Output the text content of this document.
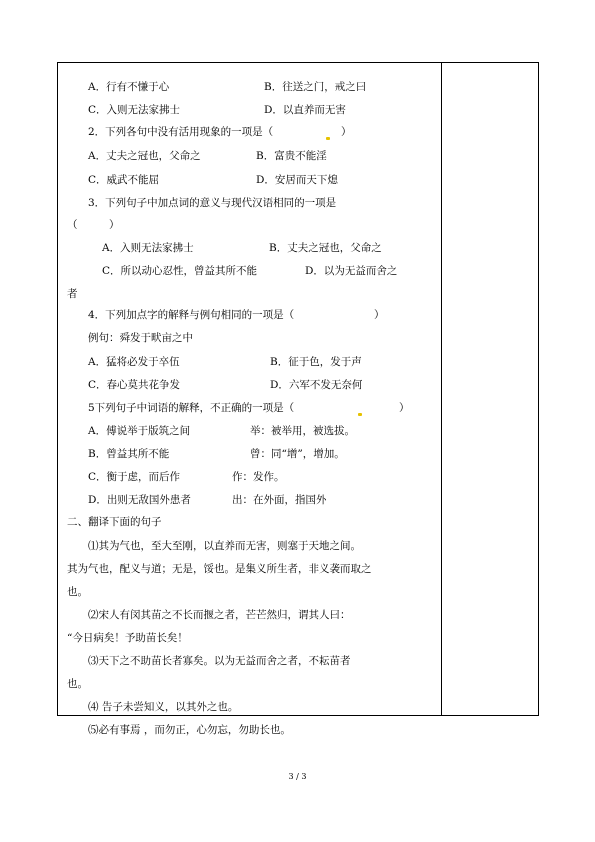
A．行有不慊于心	B．往送之门，戒之曰
C．入则无法家拂士	D．以直养而无害
2．下列各句中没有活用现象的一项是（	）
A．丈夫之冠也，父命之	B．富贵不能淫
C．威武不能屈	D．安居而天下熄
3．下列句子中加点词的意义与现代汉语相同的一项是
（　　　）
A．入则无法家拂士	B．丈夫之冠也，父命之
C．所以动心忍性，曾益其所不能	D．以为无益而舍之
者
4．下列加点字的解释与例句相同的一项是（	）
例句：舜发于畎亩之中
A．猛将必发于卒伍	B．征于色，发于声
C．春心莫共花争发	D．六军不发无奈何
5下列句子中词语的解释，不正确的一项是（	）
A．傅说举于版筑之间	举：被举用，被选拔。
B．曾益其所不能	曾：同“增”，增加。
C．衡于虑，而后作	作：发作。
D．出则无敌国外患者	出：在外面，指国外
二、翻译下面的句子
⑴其为气也，至大至刚，以直养而无害，则塞于天地之间。
其为气也，配义与道；无是，馁也。是集义所生者，非义袭而取之
也。
⑵宋人有闵其苗之不长而揠之者，芒芒然归，谓其人曰：
“今日病矣！予助苗长矣！
⑶天下之不助苗长者寡矣。以为无益而舍之者，不耘苗者
也。
⑷ 告子未尝知义，以其外之也。
⑸必有事焉 ，而勿正，心勿忘，勿助长也。
3 / 3
